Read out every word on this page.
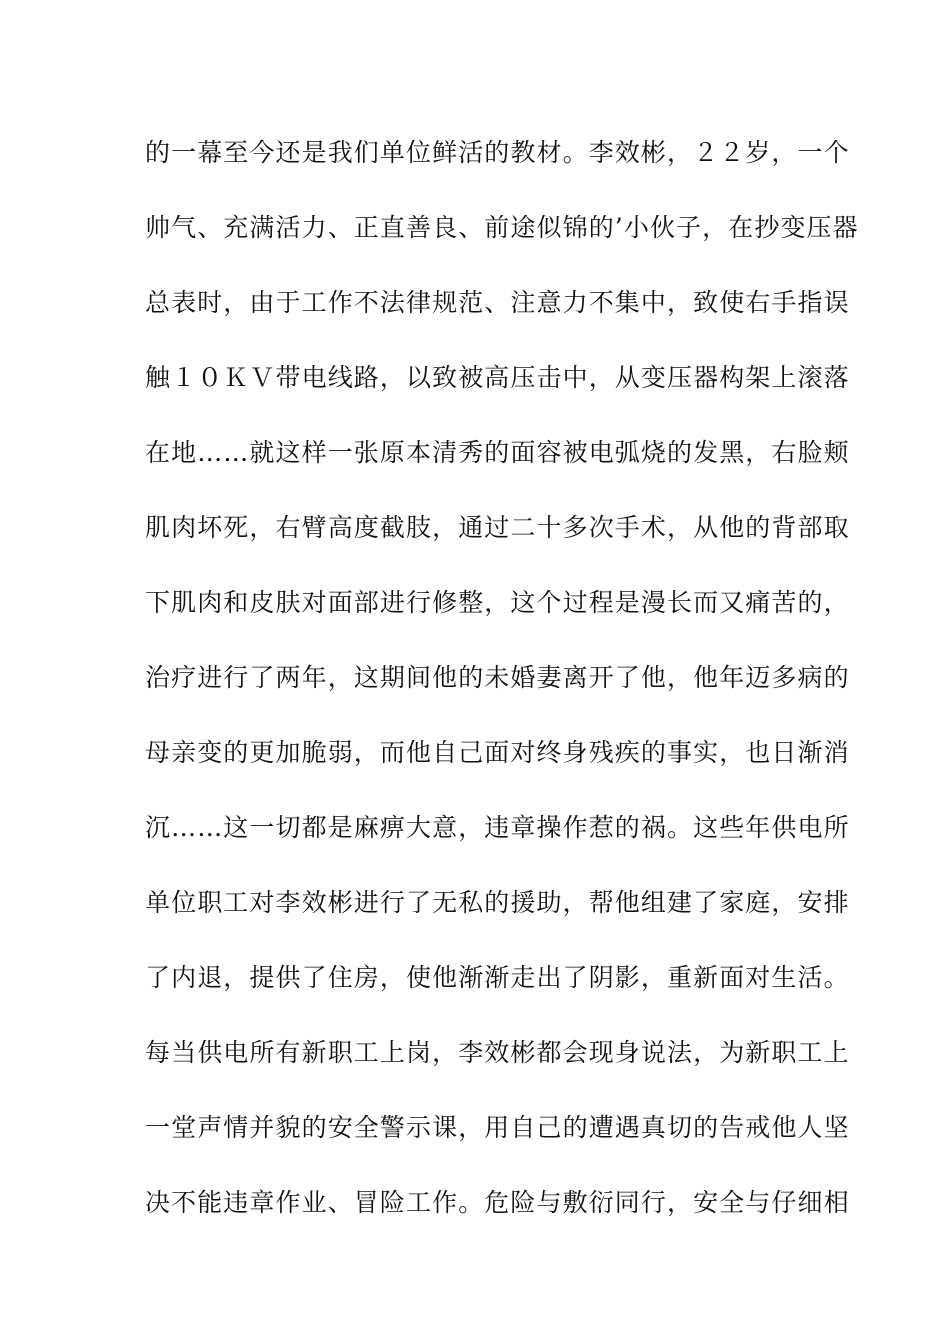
的一幕至今还是我们单位鲜活的教材。李效彬，２２岁，一个
帅气、充满活力、正直善良、前途似锦的’小伙子，在抄变压器
总表时，由于工作不法律规范、注意力不集中，致使右手指误
触１０ＫＶ带电线路，以致被高压击中，从变压器构架上滚落
在地……就这样一张原本清秀的面容被电弧烧的发黑，右脸颊
肌肉坏死，右臂高度截肢，通过二十多次手术，从他的背部取
下肌肉和皮肤对面部进行修整，这个过程是漫长而又痛苦的，
治疗进行了两年，这期间他的未婚妻离开了他，他年迈多病的
母亲变的更加脆弱，而他自己面对终身残疾的事实，也日渐消
沉……这一切都是麻痹大意，违章操作惹的祸。这些年供电所
单位职工对李效彬进行了无私的援助，帮他组建了家庭，安排
了内退，提供了住房，使他渐渐走出了阴影，重新面对生活。
每当供电所有新职工上岗，李效彬都会现身说法，为新职工上
一堂声情并貌的安全警示课，用自己的遭遇真切的告戒他人坚
决不能违章作业、冒险工作。危险与敷衍同行，安全与仔细相
